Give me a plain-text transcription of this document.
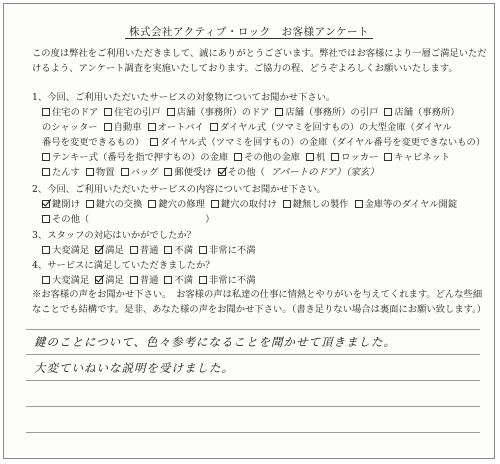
株式会社アクティブ・ロック　お客様アンケート
この度は弊社をご利用いただきまして、誠にありがとうございます。弊社ではお客様により一層ご満足いただ
けるよう、アンケート調査を実施いたしております。ご協力の程、どうぞよろしくお願いいたします。
1、今回、ご利用いただいたサービスの対象物についてお聞かせ下さい。
住宅のドア 住宅の引戸 店舗（事務所）のドア 店舗（事務所）の引戸 店舗（事務所）
のシャッター 自動車 オートバイ ダイヤル式（ツマミを回すもの）の大型金庫（ダイヤル
番号を変更できるもの） ダイヤル式（ツマミを回すもの）の金庫（ダイヤル番号を変更できないもの）
テンキー式（番号を指で押すもの）の金庫 その他の金庫 机 ロッカー キャビネット
たんす 物置 バッグ 郵便受け その他（ アパートのドア）（家玄）
2、今回、ご利用いただいたサービスの内容についてお聞かせ下さい。
鍵開け 鍵穴の交換 鍵穴の修理 鍵穴の取付け 鍵無しの製作 金庫等のダイヤル開錠
その他（	）
3、スタッフの対応はいかがでしたか？
大変満足 満足 普通 不満 非常に不満
4、サービスに満足していただきましたか？
大変満足 満足 普通 不満 非常に不満
※お客様の声をお聞かせ下さい。　お客様の声は私達の仕事に情熱とやりがいを与えてくれます。どんな些細
なことでも結構です。是非、あなた様の声をお聞かせ下さい。（書き足りない場合は裏面にお願い致します。）
鍵のことについて、色々参考になることを聞かせて頂きました。
大変ていねいな説明を受けました。
